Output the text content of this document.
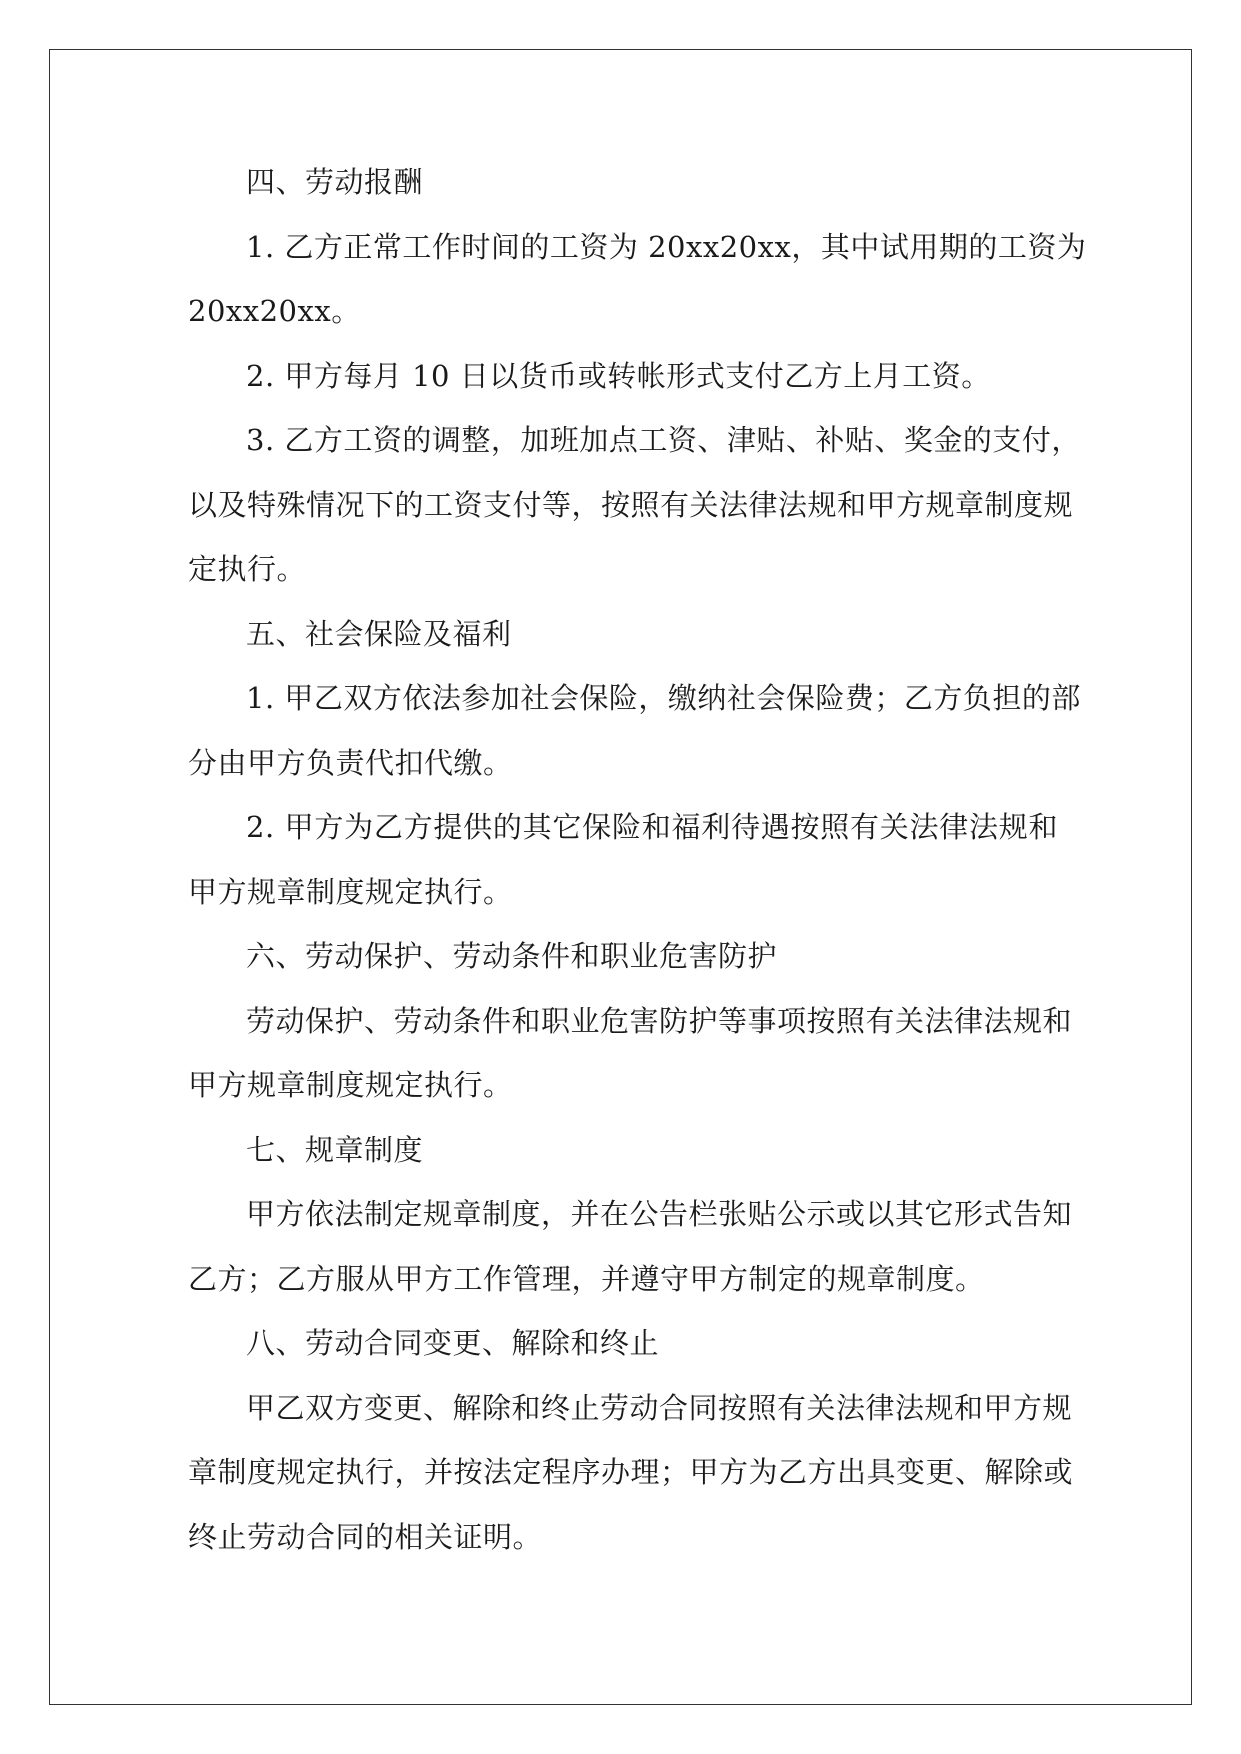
四、劳动报酬
1. 乙方正常工作时间的工资为 20xx20xx，其中试用期的工资为
20xx20xx。
2. 甲方每月 10 日以货币或转帐形式支付乙方上月工资。
3. 乙方工资的调整，加班加点工资、津贴、补贴、奖金的支付，
以及特殊情况下的工资支付等，按照有关法律法规和甲方规章制度规
定执行。
五、社会保险及福利
1. 甲乙双方依法参加社会保险，缴纳社会保险费；乙方负担的部
分由甲方负责代扣代缴。
2. 甲方为乙方提供的其它保险和福利待遇按照有关法律法规和
甲方规章制度规定执行。
六、劳动保护、劳动条件和职业危害防护
劳动保护、劳动条件和职业危害防护等事项按照有关法律法规和
甲方规章制度规定执行。
七、规章制度
甲方依法制定规章制度，并在公告栏张贴公示或以其它形式告知
乙方；乙方服从甲方工作管理，并遵守甲方制定的规章制度。
八、劳动合同变更、解除和终止
甲乙双方变更、解除和终止劳动合同按照有关法律法规和甲方规
章制度规定执行，并按法定程序办理；甲方为乙方出具变更、解除或
终止劳动合同的相关证明。
